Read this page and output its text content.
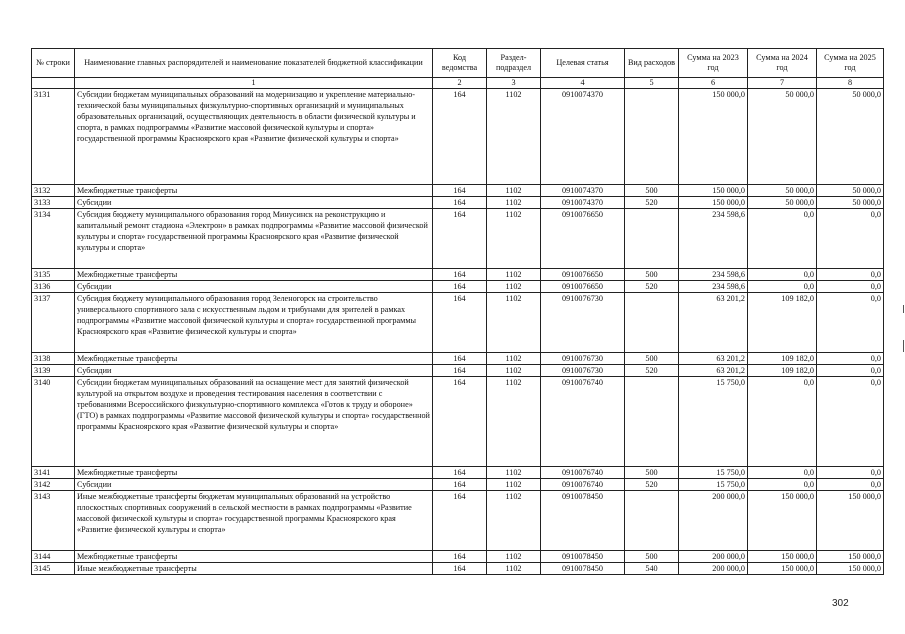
№ строки	Наименование главных распорядителей и наименование показателей бюджетной классификации	Код ведомства	Раздел-подраздел	Целевая статья	Вид расходов	Сумма на 2023 год	Сумма на 2024 год	Сумма на 2025 год
	1	2	3	4	5	6	7	8
3131	Субсидии бюджетам муниципальных образований на модернизацию и укрепление материально-технической базы муниципальных физкультурно-спортивных организаций и муниципальных образовательных организаций, осуществляющих деятельность в области физической культуры и спорта, в рамках подпрограммы «Развитие массовой физической культуры и спорта» государственной программы Красноярского края «Развитие физической культуры и спорта»	164	1102	0910074370		150 000,0	50 000,0	50 000,0
3132	Межбюджетные трансферты	164	1102	0910074370	500	150 000,0	50 000,0	50 000,0
3133	Субсидии	164	1102	0910074370	520	150 000,0	50 000,0	50 000,0
3134	Субсидия бюджету муниципального образования город Минусинск на реконструкцию и капитальный ремонт стадиона «Электрон» в рамках подпрограммы «Развитие массовой физической культуры и спорта» государственной программы Красноярского края «Развитие физической культуры и спорта»	164	1102	0910076650		234 598,6	0,0	0,0
3135	Межбюджетные трансферты	164	1102	0910076650	500	234 598,6	0,0	0,0
3136	Субсидии	164	1102	0910076650	520	234 598,6	0,0	0,0
3137	Субсидия бюджету муниципального образования город Зеленогорск на строительство универсального спортивного зала с искусственным льдом и трибунами для зрителей в рамках подпрограммы «Развитие массовой физической культуры и спорта» государственной программы Красноярского края «Развитие физической культуры и спорта»	164	1102	0910076730		63 201,2	109 182,0	0,0
3138	Межбюджетные трансферты	164	1102	0910076730	500	63 201,2	109 182,0	0,0
3139	Субсидии	164	1102	0910076730	520	63 201,2	109 182,0	0,0
3140	Субсидии бюджетам муниципальных образований на оснащение мест для занятий физической культурой на открытом воздухе и проведения тестирования населения в соответствии с требованиями Всероссийского физкультурно-спортивного комплекса «Готов к труду и обороне» (ГТО) в рамках подпрограммы «Развитие массовой физической культуры и спорта» государственной программы Красноярского края «Развитие физической культуры и спорта»	164	1102	0910076740		15 750,0	0,0	0,0
3141	Межбюджетные трансферты	164	1102	0910076740	500	15 750,0	0,0	0,0
3142	Субсидии	164	1102	0910076740	520	15 750,0	0,0	0,0
3143	Иные межбюджетные трансферты бюджетам муниципальных образований на устройство плоскостных спортивных сооружений в сельской местности в рамках подпрограммы «Развитие массовой физической культуры и спорта» государственной программы Красноярского края «Развитие физической культуры и спорта»	164	1102	0910078450		200 000,0	150 000,0	150 000,0
3144	Межбюджетные трансферты	164	1102	0910078450	500	200 000,0	150 000,0	150 000,0
3145	Иные межбюджетные трансферты	164	1102	0910078450	540	200 000,0	150 000,0	150 000,0
302
